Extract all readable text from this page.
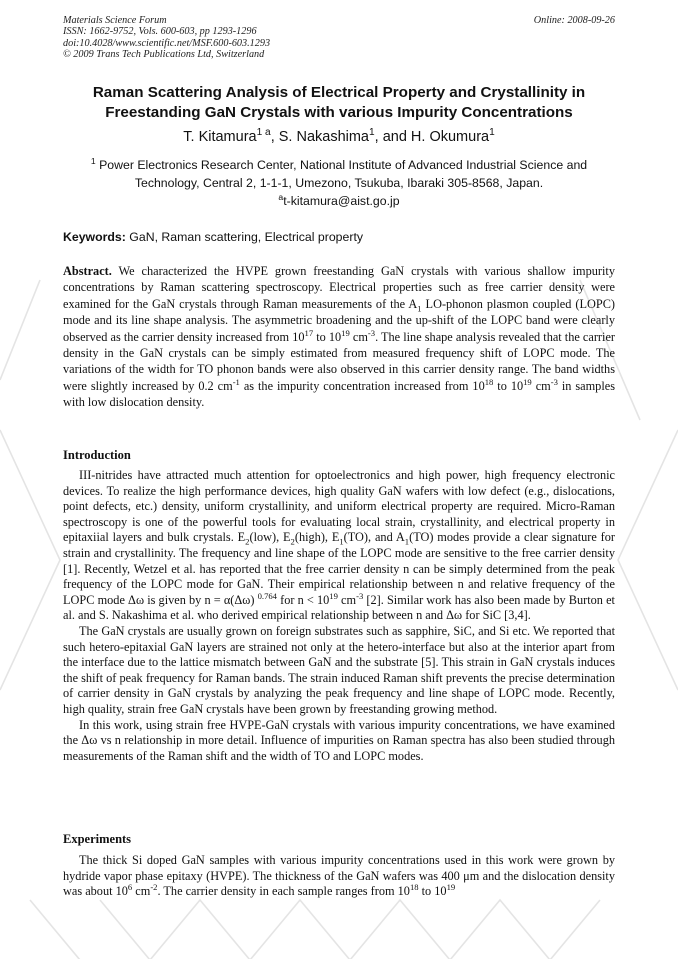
Materials Science Forum
ISSN: 1662-9752, Vols. 600-603, pp 1293-1296
doi:10.4028/www.scientific.net/MSF.600-603.1293
© 2009 Trans Tech Publications Ltd, Switzerland
Online: 2008-09-26
Raman Scattering Analysis of Electrical Property and Crystallinity in
Freestanding GaN Crystals with various Impurity Concentrations
T. Kitamura$^{1 a}$, S. Nakashima$^1$, and H. Okumura$^1$
$^1$ Power Electronics Research Center, National Institute of Advanced Industrial Science and
Technology, Central 2, 1-1-1, Umezono, Tsukuba, Ibaraki 305-8568, Japan.
$^a$t-kitamura@aist.go.jp
Keywords: GaN, Raman scattering, Electrical property
Abstract. We characterized the HVPE grown freestanding GaN crystals with various shallow impurity concentrations by Raman scattering spectroscopy. Electrical properties such as free carrier density were examined for the GaN crystals through Raman measurements of the $A_1$ LO-phonon plasmon coupled (LOPC) mode and its line shape analysis. The asymmetric broadening and the up-shift of the LOPC band were clearly observed as the carrier density increased from $10^{17}$ to $10^{19}$ $cm^{-3}$. The line shape analysis revealed that the carrier density in the GaN crystals can be simply estimated from measured frequency shift of LOPC mode. The variations of the width for TO phonon bands were also observed in this carrier density range. The band widths were slightly increased by 0.2 $cm^{-1}$ as the impurity concentration increased from $10^{18}$ to $10^{19}$ $cm^{-3}$ in samples with low dislocation density.
Introduction

III-nitrides have attracted much attention for optoelectronics and high power, high frequency electronic devices. To realize the high performance devices, high quality GaN wafers with low defect (e.g., dislocations, point defects, etc.) density, uniform crystallinity, and uniform electrical property are required. Micro-Raman spectroscopy is one of the powerful tools for evaluating local strain, crystallinity, and electrical property in epitaxiial layers and bulk crystals. $E_2(low)$, $E_2(high)$, $E_1(TO)$, and $A_1(TO)$ modes provide a clear signature for strain and crystallinity. The frequency and line shape of the LOPC mode are sensitive to the free carrier density [1]. Recently, Wetzel et al. has reported that the free carrier density n can be simply determined from the peak frequency of the LOPC mode for GaN. Their empirical relationship between n and relative frequency of the LOPC mode Δω is given by n = α(Δω) $^{0.764}$ for $n < 10^{19}$ $cm^{-3}$ [2]. Similar work has also been made by Burton et al. and S. Nakashima et al. who derived empirical relationship between n and Δω for SiC [3,4].

The GaN crystals are usually grown on foreign substrates such as sapphire, SiC, and Si etc. We reported that such hetero-epitaxial GaN layers are strained not only at the hetero-interface but also at the interior apart from the interface due to the lattice mismatch between GaN and the substrate [5]. This strain in GaN crystals induces the shift of peak frequency for Raman bands. The strain induced Raman shift prevents the precise determination of carrier density in GaN crystals by analyzing the peak frequency and line shape of LOPC mode. Recently, high quality, strain free GaN crystals have been grown by freestanding growing method.

In this work, using strain free HVPE-GaN crystals with various impurity concentrations, we have examined the Δω vs n relationship in more detail. Influence of impurities on Raman spectra has also been studied through measurements of the Raman shift and the width of TO and LOPC modes.

Experiments

The thick Si doped GaN samples with various impurity concentrations used in this work were grown by hydride vapor phase epitaxy (HVPE). The thickness of the GaN wafers was 400 μm and the dislocation density was about $10^6$ $cm^{-2}$. The carrier density in each sample ranges from $10^{18}$ to $10^{19}$
